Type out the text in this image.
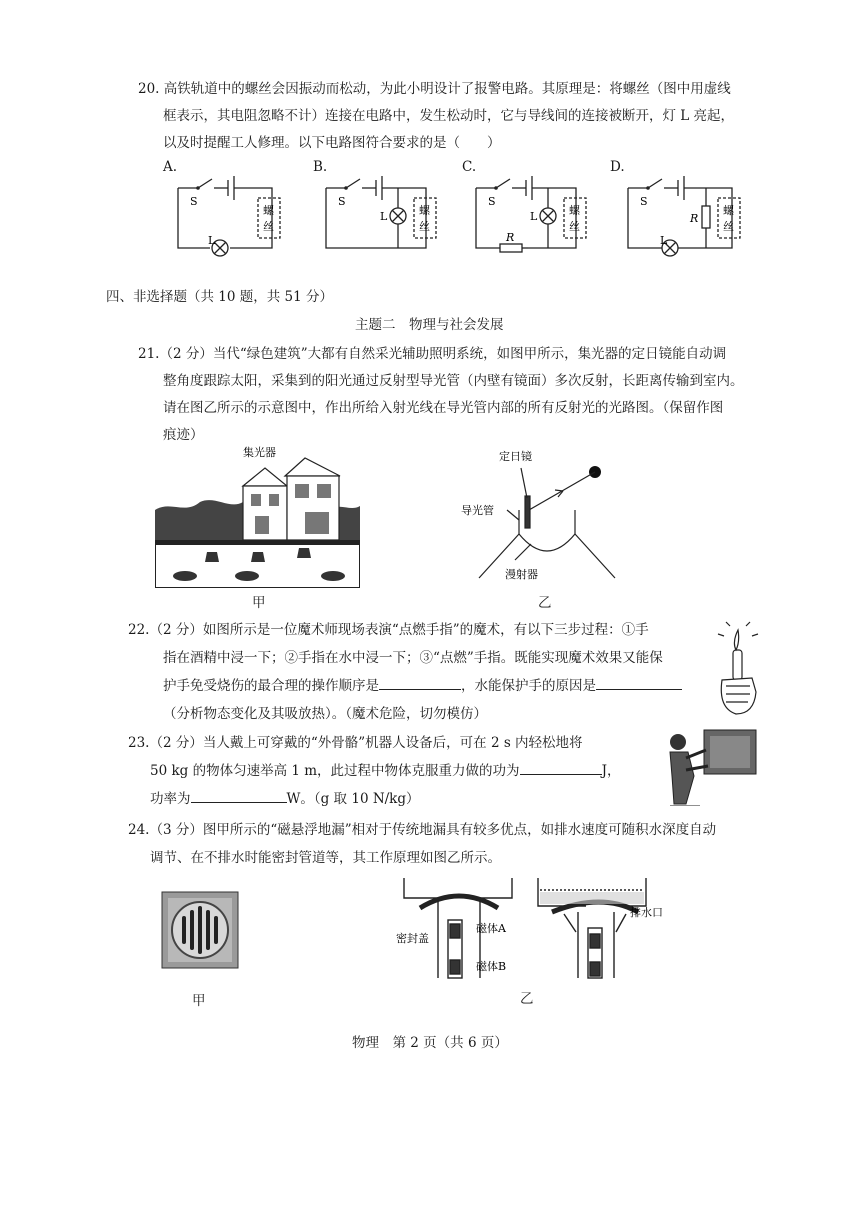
20. 高铁轨道中的螺丝会因振动而松动，为此小明设计了报警电路。其原理是：将螺丝（图中用虚线
框表示，其电阻忽略不计）连接在电路中，发生松动时，它与导线间的连接被断开，灯 L 亮起，
以及时提醒工人修理。以下电路图符合要求的是（　　）
A.
S
L
螺
丝
B.
S
L	螺
丝
C.
S
L
R
螺
丝
D.
S
L
R
螺
丝
四、非选择题（共 10 题，共 51 分）
主题二　物理与社会发展
21.（2 分）当代“绿色建筑”大都有自然采光辅助照明系统，如图甲所示，集光器的定日镜能自动调
整角度跟踪太阳，采集到的阳光通过反射型导光管（内壁有镜面）多次反射，长距离传输到室内。
请在图乙所示的示意图中，作出所给入射光线在导光管内部的所有反射光的光路图。（保留作图
痕迹）
集光器
甲
定日镜
导光管
漫射器
乙
22.（2 分）如图所示是一位魔术师现场表演“点燃手指”的魔术，有以下三步过程：①手
指在酒精中浸一下；②手指在水中浸一下；③“点燃”手指。既能实现魔术效果又能保
护手免受烧伤的最合理的操作顺序是	，水能保护手的原因是
（分析物态变化及其吸放热）。（魔术危险，切勿模仿）
23.（2 分）当人戴上可穿戴的“外骨骼”机器人设备后，可在 2 s 内轻松地将
50 kg 的物体匀速举高 1 m，此过程中物体克服重力做的功为	J，
功率为	W。（g 取 10 N/kg）
24.（3 分）图甲所示的“磁悬浮地漏”相对于传统地漏具有较多优点，如排水速度可随积水深度自动
调节、在不排水时能密封管道等，其工作原理如图乙所示。
甲
密封盖
磁体A
磁体B
排水口
乙
物理　第 2 页（共 6 页）
